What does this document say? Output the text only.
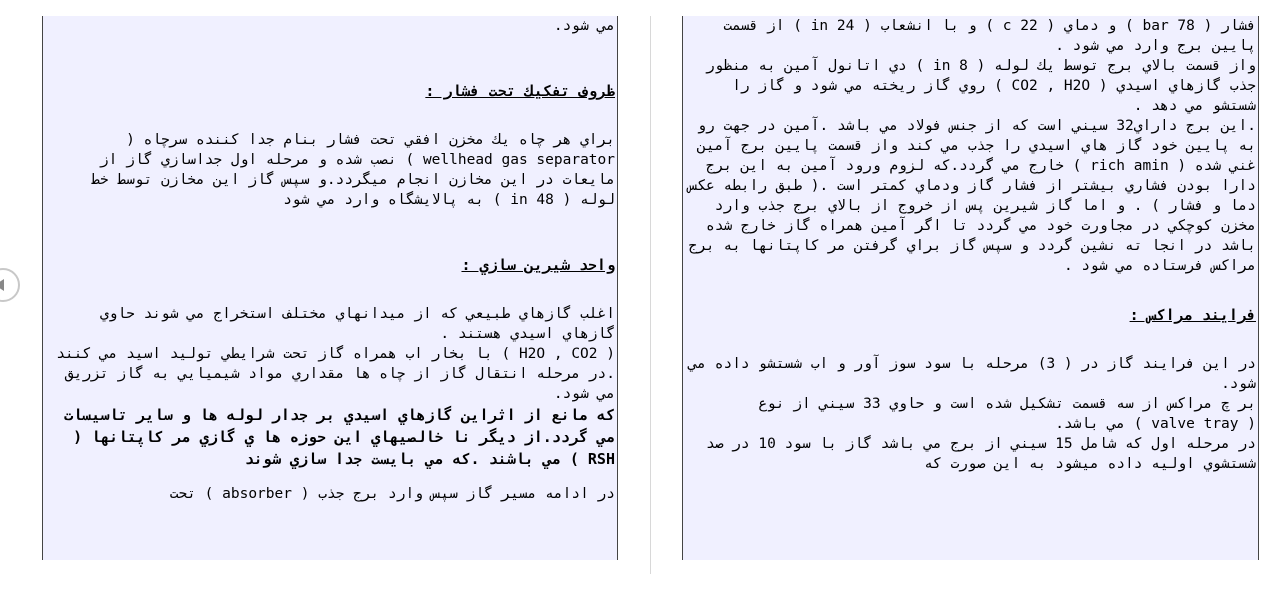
مي شود.

ظروف تفكيك تحت فشار :

براي هر چاه يك مخزن افقي تحت فشار بنام جدا كننده سرچاه ( wellhead gas separator ) نصب شده و مرحله اول جداسازي گاز از مايعات در اين مخازن انجام ميگردد.و سپس گاز اين مخازن توسط خط لوله ( 48 in ) به پالايشگاه وارد مي شود

واحد شيرين سازي :

اغلب گازهاي طبيعي كه از ميدانهاي مختلف استخراج مي شوند حاوي گازهاي اسيدي هستند .

( H2O , CO2 ) با بخار اب همراه گاز تحت شرايطي توليد اسيد مي كنند .در مرحله انتقال گاز از چاه ها مقداري مواد شيميايي به گاز تزريق مي شود.

كه مانع از اثراين گازهاي اسيدي بر جدار لوله ها و ساير تاسيسات مي گردد.از ديگر نا خالصيهاي اين حوزه ها ي گازي مر كاپتانها ( RSH ) مي باشند .كه مي بايست جدا سازي شوند

در ادامه مسير گاز سپس وارد برج جذب ( absorber ) تحت

فشار ( 78 bar ) و دماي ( 22 c ) و با انشعاب ( 24 in ) از قسمت پايين برج وارد مي شود .

واز قسمت بالاي برج توسط يك لوله ( 8 in ) دي اتانول آمين به منظور جذب گازهاي اسيدي ( CO2 , H2O ) روي گاز ريخته مي شود و گاز را شستشو مي دهد .

.اين برج داراي32 سيني است كه از جنس فولاد مي باشد .آمين در جهت رو به پايين خود گاز هاي اسيدي را جذب مي كند واز قسمت پايين برج آمين غني شده ( rich amin ) خارج مي گردد.كه لزوم ورود آمين به اين برج دارا بودن فشاري بيشتر از فشار گاز ودماي كمتر است .( طبق رابطه عكس دما و فشار ) . و اما گاز شيرين پس از خروج از بالاي برج جذب وارد مخزن كوچكي در مجاورت خود مي گردد تا اگر آمين همراه گاز خارج شده باشد در انجا ته نشين گردد و سپس گاز براي گرفتن مر كاپتانها به برج مراكس فرستاده مي شود .

فرايند مراكس :

در اين فرايند گاز در ( 3) مرحله با سود سوز آور و اب شستشو داده مي شود.

بر چ مراكس از سه قسمت تشكيل شده است و حاوي 33 سيني از نوع

( valve tray ) مي باشد.

در مرحله اول كه شامل 15 سيني از برج مي باشد گاز با سود 10 در صد شستشوي اوليه داده ميشود به اين صورت كه
